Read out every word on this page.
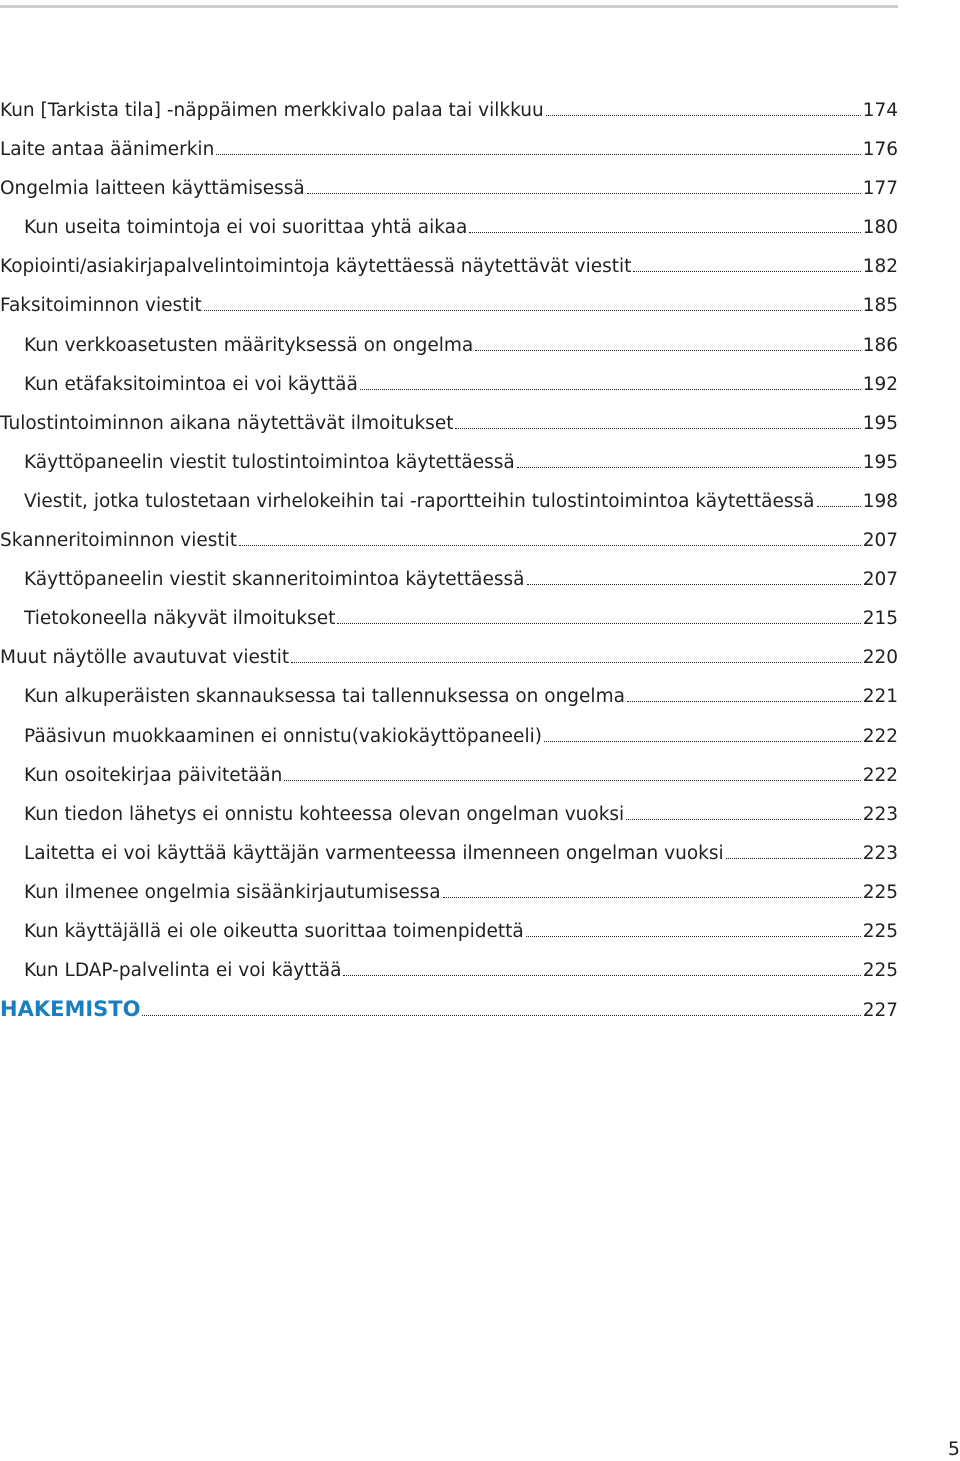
Kun [Tarkista tila] -näppäimen merkkivalo palaa tai vilkkuu	174
Laite antaa äänimerkin	176
Ongelmia laitteen käyttämisessä	177
Kun useita toimintoja ei voi suorittaa yhtä aikaa	180
Kopiointi/asiakirjapalvelintoimintoja käytettäessä näytettävät viestit	182
Faksitoiminnon viestit	185
Kun verkkoasetusten määrityksessä on ongelma	186
Kun etäfaksitoimintoa ei voi käyttää	192
Tulostintoiminnon aikana näytettävät ilmoitukset	195
Käyttöpaneelin viestit tulostintoimintoa käytettäessä	195
Viestit, jotka tulostetaan virhelokeihin tai -raportteihin tulostintoimintoa käytettäessä	198
Skanneritoiminnon viestit	207
Käyttöpaneelin viestit skanneritoimintoa käytettäessä	207
Tietokoneella näkyvät ilmoitukset	215
Muut näytölle avautuvat viestit	220
Kun alkuperäisten skannauksessa tai tallennuksessa on ongelma	221
Pääsivun muokkaaminen ei onnistu(vakiokäyttöpaneeli)	222
Kun osoitekirjaa päivitetään	222
Kun tiedon lähetys ei onnistu kohteessa olevan ongelman vuoksi	223
Laitetta ei voi käyttää käyttäjän varmenteessa ilmenneen ongelman vuoksi	223
Kun ilmenee ongelmia sisäänkirjautumisessa	225
Kun käyttäjällä ei ole oikeutta suorittaa toimenpidettä	225
Kun LDAP-palvelinta ei voi käyttää	225
HAKEMISTO	227
5
